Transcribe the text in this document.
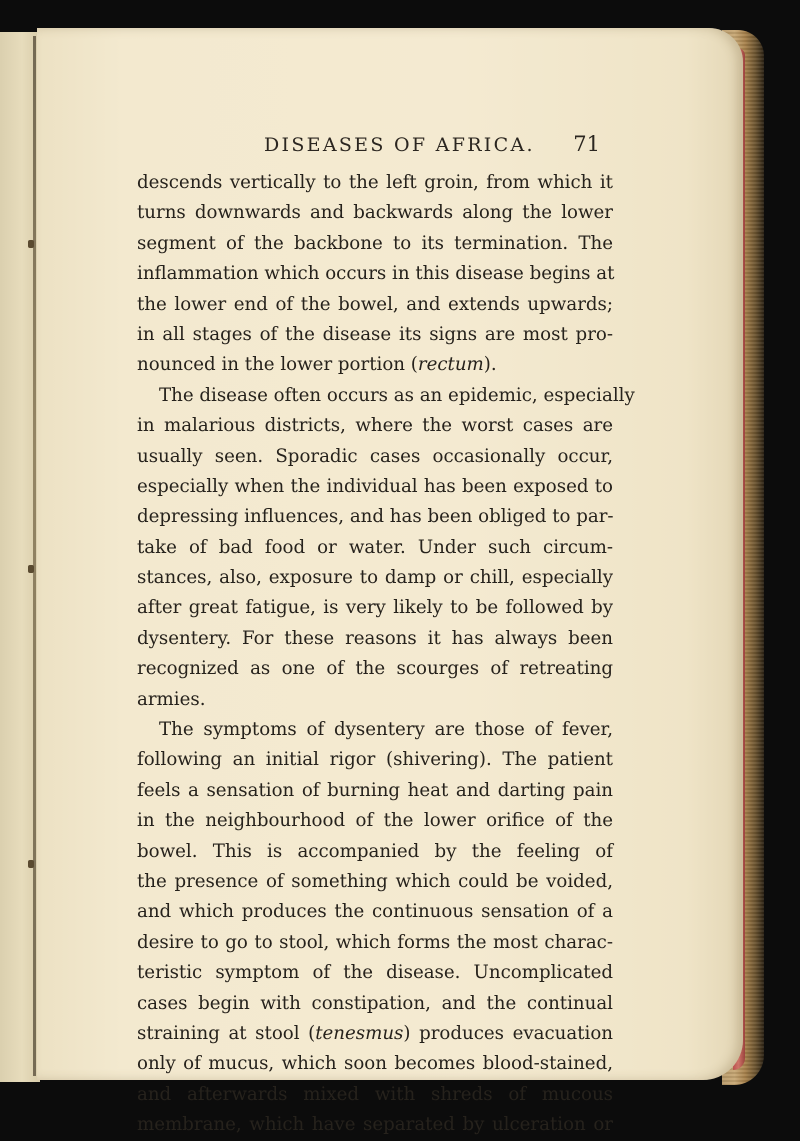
DISEASES OF AFRICA. 71
descends vertically to the left groin, from which it
turns downwards and backwards along the lower
segment of the backbone to its termination. The
inflammation which occurs in this disease begins at
the lower end of the bowel, and extends upwards;
in all stages of the disease its signs are most pro-
nounced in the lower portion (rectum).
The disease often occurs as an epidemic, especially
in malarious districts, where the worst cases are
usually seen. Sporadic cases occasionally occur,
especially when the individual has been exposed to
depressing influences, and has been obliged to par-
take of bad food or water. Under such circum-
stances, also, exposure to damp or chill, especially
after great fatigue, is very likely to be followed by
dysentery. For these reasons it has always been
recognized as one of the scourges of retreating
armies.
The symptoms of dysentery are those of fever,
following an initial rigor (shivering). The patient
feels a sensation of burning heat and darting pain
in the neighbourhood of the lower orifice of the
bowel. This is accompanied by the feeling of
the presence of something which could be voided,
and which produces the continuous sensation of a
desire to go to stool, which forms the most charac-
teristic symptom of the disease. Uncomplicated
cases begin with constipation, and the continual
straining at stool (tenesmus) produces evacuation
only of mucus, which soon becomes blood-stained,
and afterwards mixed with shreds of mucous
membrane, which have separated by ulceration or
